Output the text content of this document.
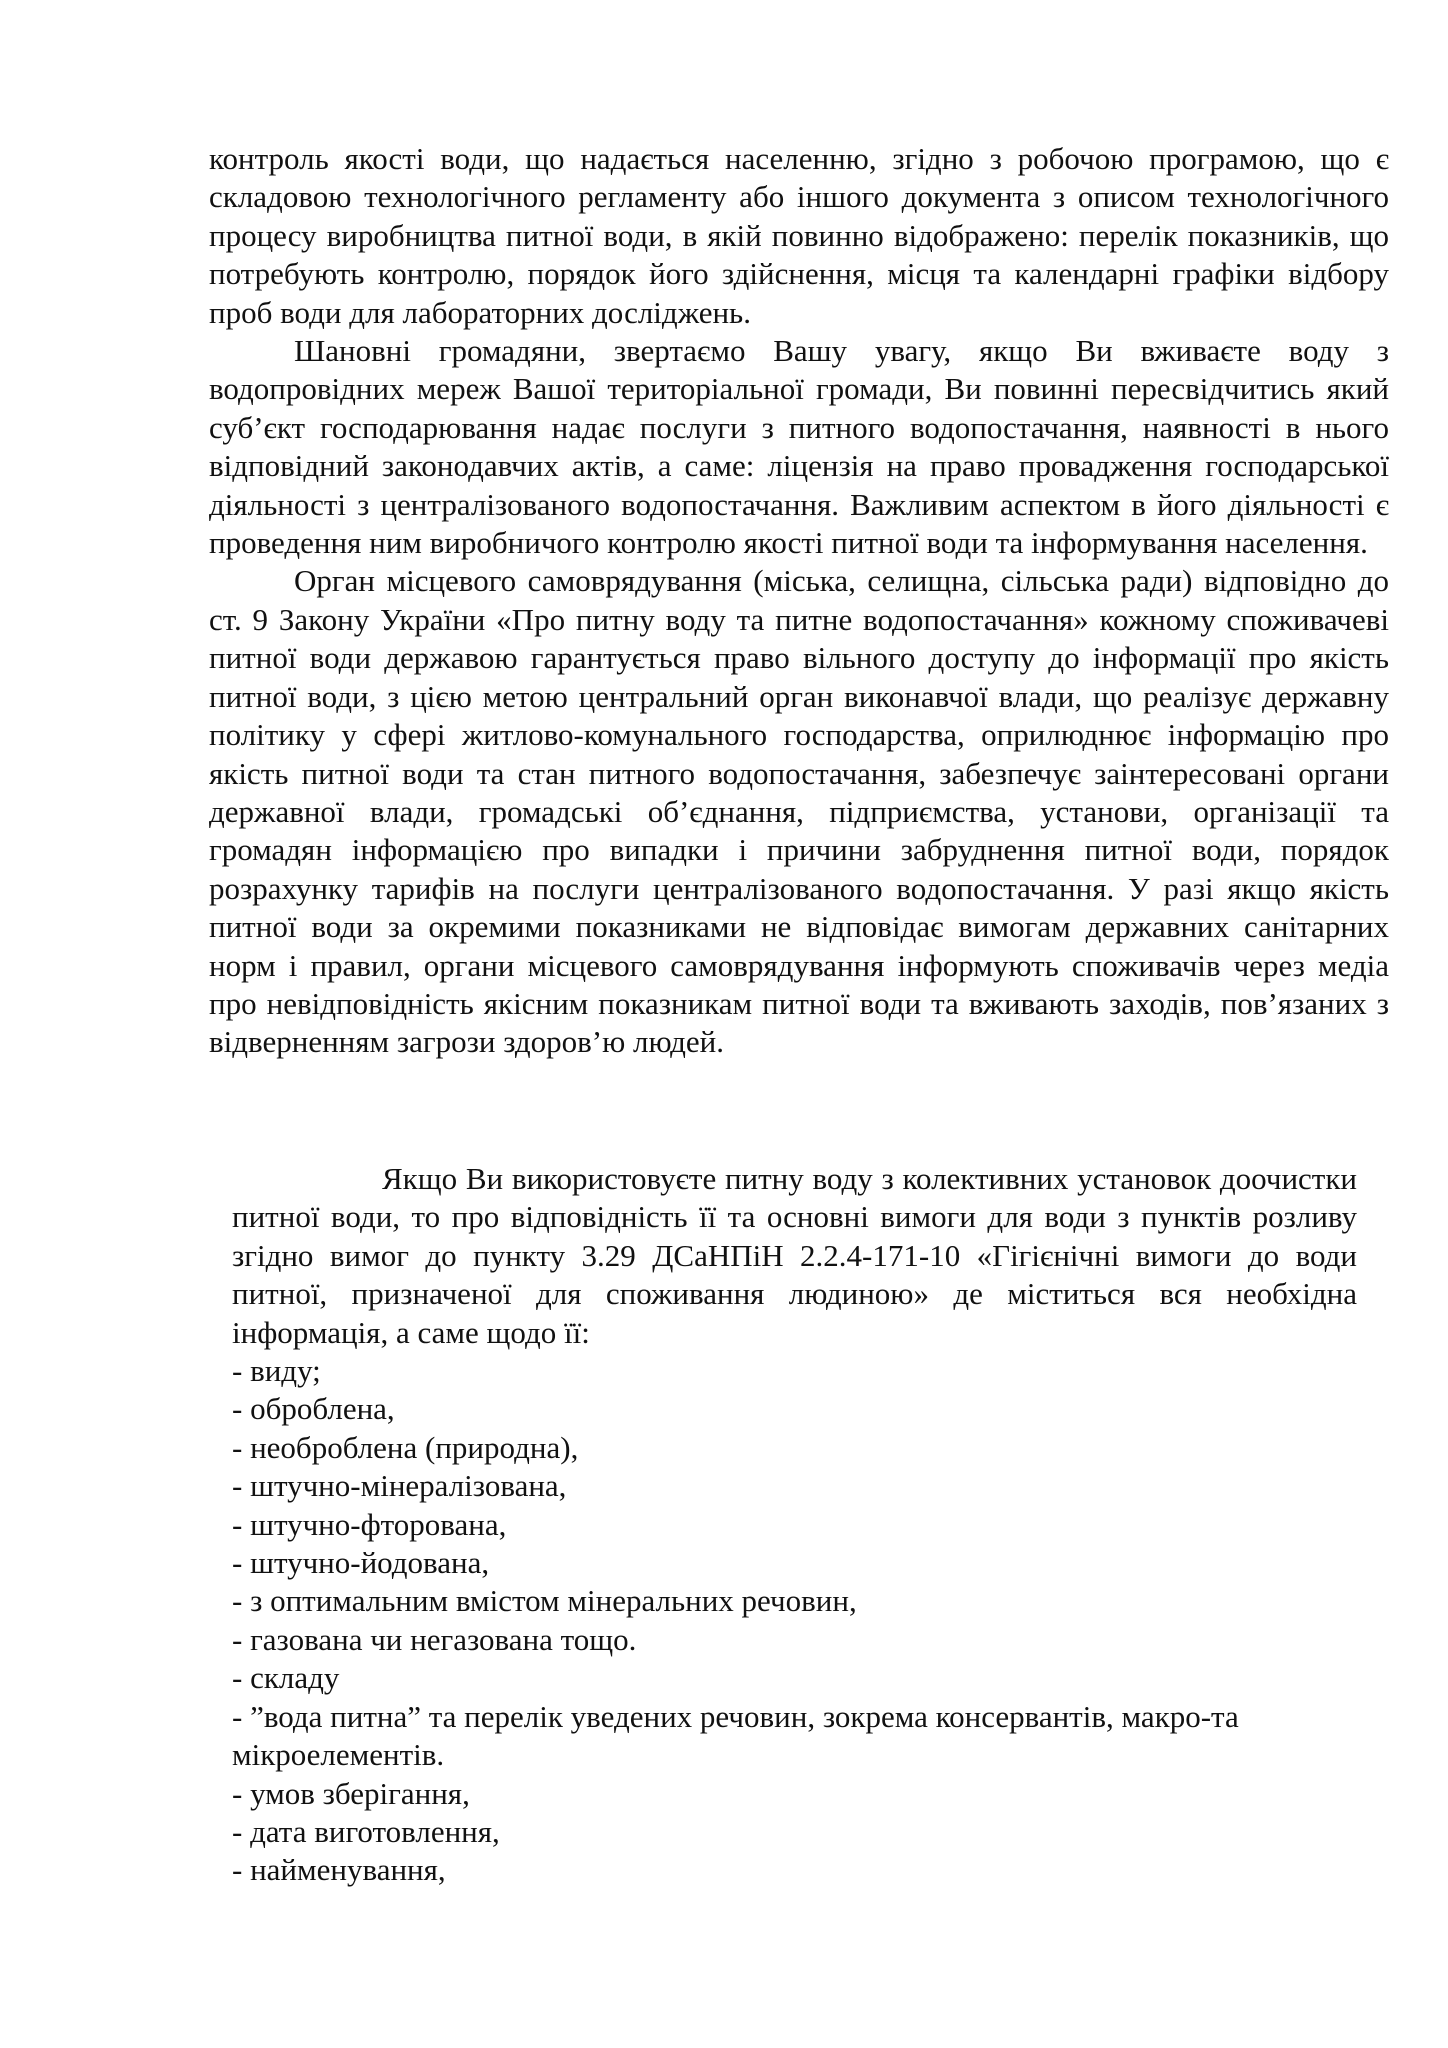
контроль якості води, що надається населенню, згідно з робочою програмою, що є складовою технологічного регламенту або іншого документа з описом технологічного процесу виробництва питної води, в якій повинно відображено: перелік показників, що потребують контролю, порядок його здійснення, місця та календарні графіки відбору проб води для лабораторних досліджень.

Шановні громадяни, звертаємо Вашу увагу, якщо Ви вживаєте воду з водопровідних мереж Вашої територіальної громади, Ви повинні пересвідчитись який суб’єкт господарювання надає послуги з питного водопостачання, наявності в нього відповідний законодавчих актів, а саме: ліцензія на право провадження господарської діяльності з централізованого водопостачання. Важливим аспектом в його діяльності є проведення ним виробничого контролю якості питної води та інформування населення.

Орган місцевого самоврядування (міська, селищна, сільська ради) відповідно до ст. 9 Закону України «Про питну воду та питне водопостачання» кожному споживачеві питної води державою гарантується право вільного доступу до інформації про якість питної води, з цією метою центральний орган виконавчої влади, що реалізує державну політику у сфері житлово-комунального господарства, оприлюднює інформацію про якість питної води та стан питного водопостачання, забезпечує заінтересовані органи державної влади, громадські об’єднання, підприємства, установи, організації та громадян інформацією про випадки і причини забруднення питної води, порядок розрахунку тарифів на послуги централізованого водопостачання. У разі якщо якість питної води за окремими показниками не відповідає вимогам державних санітарних норм і правил, органи місцевого самоврядування інформують споживачів через медіа про невідповідність якісним показникам питної води та вживають заходів, пов’язаних з відверненням загрози здоров’ю людей.

Якщо Ви використовуєте питну воду з колективних установок доочистки питної води, то про відповідність її та основні вимоги для води з пунктів розливу згідно вимог до пункту 3.29 ДСаНПіН 2.2.4-171-10 «Гігієнічні вимоги до води питної, призначеної для споживання людиною» де міститься вся необхідна інформація, а саме щодо її:

- виду;
- оброблена,
- необроблена (природна),
- штучно-мінералізована,
- штучно-фторована,
- штучно-йодована,
- з оптимальним вмістом мінеральних речовин,
- газована чи негазована тощо.
- складу
- ”вода питна” та перелік уведених речовин, зокрема консервантів, макро-та мікроелементів.
- умов зберігання,
- дата виготовлення,
- найменування,
